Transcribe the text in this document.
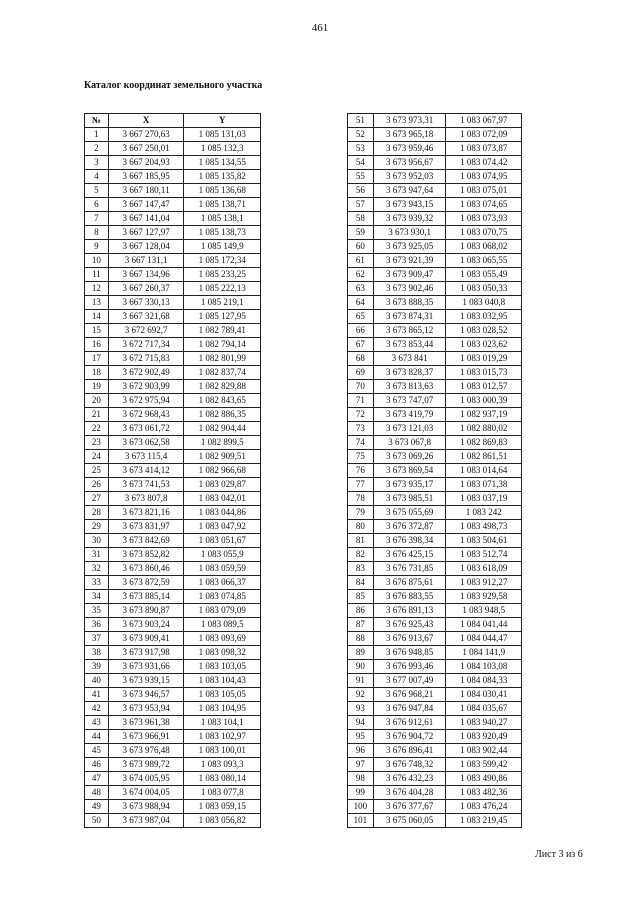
461
Каталог координат земельного участка
№	X	Y
1	3 667 270,63	1 085 131,03
2	3 667 250,01	1 085 132,3
3	3 667 204,93	1 085 134,55
4	3 667 185,95	1 085 135,82
5	3 667 180,11	1 085 136,68
6	3 667 147,47	1 085 138,71
7	3 667 141,04	1 085 138,1
8	3 667 127,97	1 085 138,73
9	3 667 128,04	1 085 149,9
10	3 667 131,1	1 085 172,34
11	3 667 134,96	1 085 233,25
12	3 667 260,37	1 085 222,13
13	3 667 330,13	1 085 219,1
14	3 667 321,68	1 085 127,95
15	3 672 692,7	1 082 789,41
16	3 672 717,34	1 082 794,14
17	3 672 715,83	1 082 801,99
18	3 672 902,49	1 082 837,74
19	3 672 903,99	1 082 829,88
20	3 672 975,94	1 082 843,65
21	3 672 968,43	1 082 886,35
22	3 673 061,72	1 082 904,44
23	3 673 062,58	1 082 899,5
24	3 673 115,4	1 082 909,51
25	3 673 414,12	1 082 966,68
26	3 673 741,53	1 083 029,87
27	3 673 807,8	1 083 042,01
28	3 673 821,16	1 083 044,86
29	3 673 831,97	1 083 047,92
30	3 673 842,69	1 083 051,67
31	3 673 852,82	1 083 055,9
32	3 673 860,46	1 083 059,59
33	3 673 872,59	1 083 066,37
34	3 673 885,14	1 083 074,85
35	3 673 890,87	1 083 079,09
36	3 673 903,24	1 083 089,5
37	3 673 909,41	1 083 093,69
38	3 673 917,98	1 083 098,32
39	3 673 931,66	1 083 103,05
40	3 673 939,15	1 083 104,43
41	3 673 946,57	1 083 105,05
42	3 673 953,94	1 083 104,95
43	3 673 961,38	1 083 104,1
44	3 673 966,91	1 083 102,97
45	3 673 976,48	1 083 100,01
46	3 673 989,72	1 083 093,3
47	3 674 005,95	1 083 080,14
48	3 674 004,05	1 083 077,8
49	3 673 988,94	1 083 059,15
50	3 673 987,04	1 083 056,82
51	3 673 973,31	1 083 067,97
52	3 673 965,18	1 083 072,09
53	3 673 959,46	1 083 073,87
54	3 673 956,67	1 083 074,42
55	3 673 952,03	1 083 074,95
56	3 673 947,64	1 083 075,01
57	3 673 943,15	1 083 074,65
58	3 673 939,32	1 083 073,93
59	3 673 930,1	1 083 070,75
60	3 673 925,05	1 083 068,02
61	3 673 921,39	1 083 065,55
62	3 673 909,47	1 083 055,49
63	3 673 902,46	1 083 050,33
64	3 673 888,35	1 083 040,8
65	3 673 874,31	1 083 032,95
66	3 673 865,12	1 083 028,52
67	3 673 853,44	1 083 023,62
68	3 673 841	1 083 019,29
69	3 673 828,37	1 083 015,73
70	3 673 813,63	1 083 012,57
71	3 673 747,07	1 083 000,39
72	3 673 419,79	1 082 937,19
73	3 673 121,03	1 082 880,02
74	3 673 067,8	1 082 869,83
75	3 673 069,26	1 082 861,51
76	3 673 869,54	1 083 014,64
77	3 673 935,17	1 083 071,38
78	3 673 985,51	1 083 037,19
79	3 675 055,69	1 083 242
80	3 676 372,87	1 083 498,73
81	3 676 398,34	1 083 504,61
82	3 676 425,15	1 083 512,74
83	3 676 731,85	1 083 618,09
84	3 676 875,61	1 083 912,27
85	3 676 883,55	1 083 929,58
86	3 676 891,13	1 083 948,5
87	3 676 925,43	1 084 041,44
88	3 676 913,67	1 084 044,47
89	3 676 948,85	1 084 141,9
90	3 676 993,46	1 084 103,08
91	3 677 007,49	1 084 084,33
92	3 676 968,21	1 084 030,41
93	3 676 947,84	1 084 035,67
94	3 676 912,61	1 083 940,27
95	3 676 904,72	1 083 920,49
96	3 676 896,41	1 083 902,44
97	3 676 748,32	1 083 599,42
98	3 676 432,23	1 083 490,86
99	3 676 404,28	1 083 482,36
100	3 676 377,67	1 083 476,24
101	3 675 060,05	1 083 219,45
Лист 3 из 6
